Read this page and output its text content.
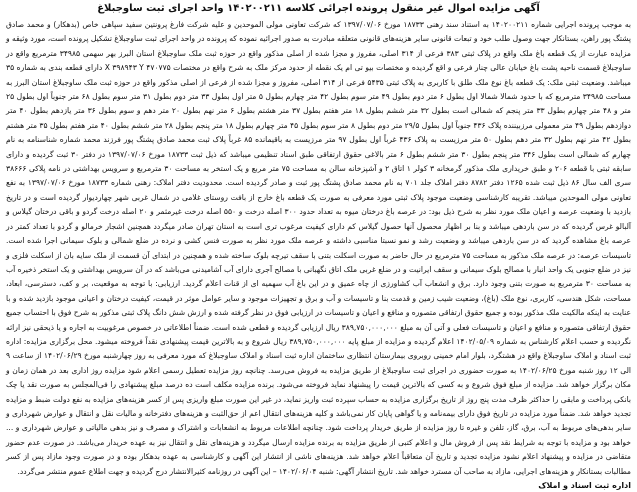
آگهی مزایده اموال غیر منقول پرونده اجرائی کلاسه ۱۴۰۲۰۰۲۱۱ واحد اجرای ثبت ساوجبلاغ

به موجب پرونده اجرایی شماره ۱۴۰۲۰۰۲۱۱ به استناد سند رهنی ۱۸۷۳۳ مورخ ۱۳۹۷/۰۷/۰۶ که شرکت تعاونی مولی الموحدین و علیه شرکت فارغ پرونتین سفید سپاهی خاص (بدهکار) و محمد صادق پشتگ پور راهن، بستانکار جهت وصول طلب خود و تبعات قانونی سایر هزینه‌های قانونی متعلقه مبادرت به صدور اجرائیه نموده که پرونده در واحد اجرای ثبت ساوجبلاغ تشکیل پرونده است، مورد وثیقه و مزایده عبارت از یک قطعه باغ ملک واقع در پلاک ثبتی ۳۸۳ فرعی از ۳۱۴ اصلی، مفروز و مجزا شده از اصلی مذکور واقع در حوزه ثبت ملک ساوجبلاغ استان البرز بهر سهمی ۳۴۹۸۵ مترمربع واقع در ساوجبلاغ قسمت ناحیه پشت باغ خیابان عالی چنار فرعی و اقع گردیده و مختصات بیو تی ام یک نقطه از حدود مرکز ملک به شرح واقع در مختصات ۴۷۰۷۷۵ X ۳۹۸۹۴۳ Y دارای قطعه بندی به شماره ۳۵ میباشد. وضعیت ثبتی ملک: یک قطعه باغ نوع ملک طلق با کاربری به پلاک ثبتی ۵۴۳۵ فرعی از ۳۱۴ اصلی، مفروز و مجزا شده از فرعی از اصلی مذکور واقع در حوزه ثبت ملک ساوجبلاغ استان البرز به مساحت ۳۴۹۸۵ مترمربع که با حدود شمالا شمالا اول بطول ۶ متر دوم بطول ۴۹ متر سوم بطول ۴۲ متر چهارم بطول ۵ متر اول بطول ۳۳ متر دوم بطول ۳۱ متر سوم بطول ۶۸ متر جنوباً اول بطول ۲۵ متر و ۴۸ متر چهارم بطول ۳۳ متر پنجم که شمالی است بطول ۳۲ متر ششم بطول ۱۸ متر هفتم بطول ۳۷ متر هشتم بطول ۶ متر نهم بطول ۲۰ متر دهم و سوم بطول ۳۶ متر یازدهم بطول ۴۰ متر دوازدهم بطول ۴۹ متر معمولی مرزبیننده پلاک ۴۳۶ جنوباً اول بطول ۲۹/۵ متر دوم بطول ۸ متر سوم بطول ۴۵ متر چهارم بطول ۱۸ متر پنجم بطول ۲۸ متر ششم بطول ۴۰ متر هفتم بطول ۳۵ متر هشتم بطول ۴۲ متر نهم بطول ۳۲ متر دهم بطول ۵۰ متر مرزیست به پلاک ۴۳۶ غرباً اول بطول ۹۷ متر مرزیست به باقیمانده ۸۵ غرباً پلاک ثبت محمد صادق پشتگ پور فرزند محمد شماره شناسنامه به نام چهارم که شمالی است بطول ۳۴۶ متر پنجم بطول ۳۰ متر ششم بطول ۶ متر بالاغی حقوق ارتفاقی طبق اسناد تنظیمی میباشد که ذیل ثبت ۱۸۷۳۳ مورخ ۱۳۹۷/۰۷/۰۶ در دفتر ۳۰ ثبت گردیده و دارای سابقه ثبتی با قطعه ۲۰۶ و طبق خریداری ملک مذکور گرمخانه ۳ کولر ۱ اتاق ۲ و آشپزخانه سالن به مساحت ۷۵ متر مربع و یک استخر به مساحت ۳۰ مترمربع و سرویس بهداشتی در نامه پلاکی ۳۸۶۶۶ سری الف سال ۸۶ ذیل ثبت شده ۱۲۶۵ دفتر ۸۷۸۲ دفتر املاک جلد ۷۰۱ به نام محمد صادق پشتگ پور ثبت و صادر گردیده است. محدودیت دفتر املاک: رهنی شماره ۱۸۷۳۳ مورخ ۱۳۹۷/۰۷/۰۶ به نفع تعاونی مولی الموحدین میباشد. تقریبه کارشناسی وضعیت موجود پلاک ثبتی مورد معرفی به صورت یک قطعه باغ خارج از بافت روستای غلامی در شمال غربی شهر چهاردیوار گردیده است و در تاریخ بازدید با وضعیت عرصه و اعیان ملک مورد نظر به شرح ذیل بود: در عرصه باغ درختان میوه به تعداد حدود ۳۰۰ اصله درخت و ۵۵۰ اصله درخت غیرمثمر و ۲۰ اصله درخت گردو و باقی درختان گیلاس و آلبالو غرس گردیده که در سن باردهی میباشد و بنا بر اظهار محصول آنها حصول گیلاس کم دارای کیفیت مرغوب تری است به استان تهران صادر میگردد همچنین اشجار خرمالو و گردو با تعداد کمتر در عرصه باغ مشاهده گردید که در سن باردهی میباشد و وضعیت رشد و نمو نسبتا مناسبی داشته و عرصه ملک مورد نظر به صورت فنس کشی و نرده در ضلع شمالی و بلوک سیمانی اجرا شده است. تاسیسات عرصه: در عرصه ملک مذکور به مساحت ۷۵ مترمربع در حال حاضر به صورت اسکلت بتنی با سقف تیرچه بلوک ساخته شده و همچنین در ابتدای آن قسمت از ملک سایه بان از اسکلت فلزی و نیز در ضلع جنوبی یک واحد انبار با مصالح بلوک سیمانی و سقف ایرانیت و در ضلع غربی ملک اتاق نگهبانی با مصالح آجری دارای آب آشامیدنی می‌باشد که در آن سرویس بهداشتی و یک استخر ذخیره آب به مساحت ۳۰ مترمربع به صورت بتنی وجود دارد. برق و انشعاب آب کشاورزی از چاه عمیق و در این باغ آب سهمیه ای از قنات اعلام گردید. ارزیابی: با توجه به موقعیت، بر و کف، دسترسی، ابعاد، مساحت، شکل هندسی، کاربری، نوع ملک (باغ)، وضعیت شیب زمین و قدمت بنا و تاسیسات و آب و برق و تجهیزات موجود و سایر عوامل موثر در قیمت، کیفیت درختان و اعیانی موجود بازدید شده و با عنایت به اینکه مالکیت ملک مذکور بوده و جمیع حقوق ارتفاقی متصوره و منافع و اعیان و تاسیسات در ارزیابی فوق در نظر گرفته شده و ارزش شش دانگ پلاک ثبتی مذکور به شرح فوق با احتساب جمیع حقوق ارتفاقی متصوره و منافع و اعیان و تاسیسات فعلی و آتی آن به مبلغ ۳۸۹,۷۵۰,۰۰۰,۰۰۰ ریال ارزیابی گردیده و قطعی شده است. ضمناً اطلاعاتی در خصوص مرغوبیت به اجاره و یا ذیحقی نیز ارائه نگردیده و حسب اعلام کارشناس به شماره ۱۴۰۲/۰۵/۰۹ اعلام گردیده و مزایده از مبلغ پایه ۳۸۹,۷۵۰,۰۰۰,۰۰۰ ریال شروع و به بالاترین قیمت پیشنهادی نقداً فروخته میشود. محل برگزاری مزایده: اداره ثبت اسناد و املاک ساوجبلاغ واقع در هشتگرد، بلوار امام خمینی روبروی بیمارستان انتظاری ساختمان اداره ثبت اسناد و املاک ساوجبلاغ که مورد معرفی به روز چهارشنبه مورخ ۱۴۰۲/۰۶/۲۹ از ساعت ۹ الی ۱۲ روز شنبه مورخ ۱۴۰۲/۰۶/۲۵ به صورت حضوری در اجرای ثبت ساوجبلاغ از طریق مزایده به فروش می‌رسد. چنانچه روز مزایده تعطیل رسمی اعلام شود مزایده روز اداری بعد در همان زمان و مکان برگزار خواهد شد. مزایده از مبلغ فوق شروع و به کسی که بالاترین قیمت را پیشنهاد نماید فروخته می‌شود. برنده مزایده مکلف است ده درصد مبلغ پیشنهادی را فی‌المجلس به صورت نقد یا چک بانکی پرداخت و مابقی را حداکثر ظرف مدت پنج روز از تاریخ برگزاری مزایده به حساب سپرده ثبت واریز نماید، در غیر این صورت مبلغ واریزی پس از کسر هزینه‌های مزایده به نفع دولت ضبط و مزایده تجدید خواهد شد. ضمناً مورد مزایده در تاریخ فوق دارای بیمه‌نامه و یا گواهی پایان کار نمی‌باشد و کلیه هزینه‌های انتقال اعم از حق‌الثبت و هزینه‌های دفترخانه و مالیات نقل و انتقال و عوارض شهرداری و سایر بدهی‌های مربوط به آب، برق، گاز، تلفن و غیره تا روز مزایده از طریق خریدار پرداخت شود. چنانچه اطلاعات مربوط به انشعابات و اشتراک و مصرف و نیز بدهی مالیاتی و عوارض شهرداری و ... خواهد بود و مزایده با توجه به شرایط نقد پس از فروش مال و اعلام کتبی از طریق مزایده به برنده مزایده ارسال میگردد و هزینه‌های نقل و انتقال نیز به عهده خریدار می‌باشد. در صورت عدم حضور متقاضی در مزایده و پیشنهاد اعلام نشود مزایده تجدید و تاریخ آن متعاقباً اعلام خواهد شد. هزینه‌های ناشی از انتشار این آگهی و کارشناسی به عهده بدهکار بوده و در صورت وجود مازاد پس از کسر مطالبات بستانکار و هزینه‌های اجرایی، مازاد به صاحب آن مسترد خواهد شد. تاریخ انتشار آگهی: شنبه ۱۴۰۲/۰۶/۰۴ – این آگهی در روزنامه کثیرالانتشار درج گردیده و جهت اطلاع عموم منتشر می‌گردد.

اداره ثبت اسناد و املاک
